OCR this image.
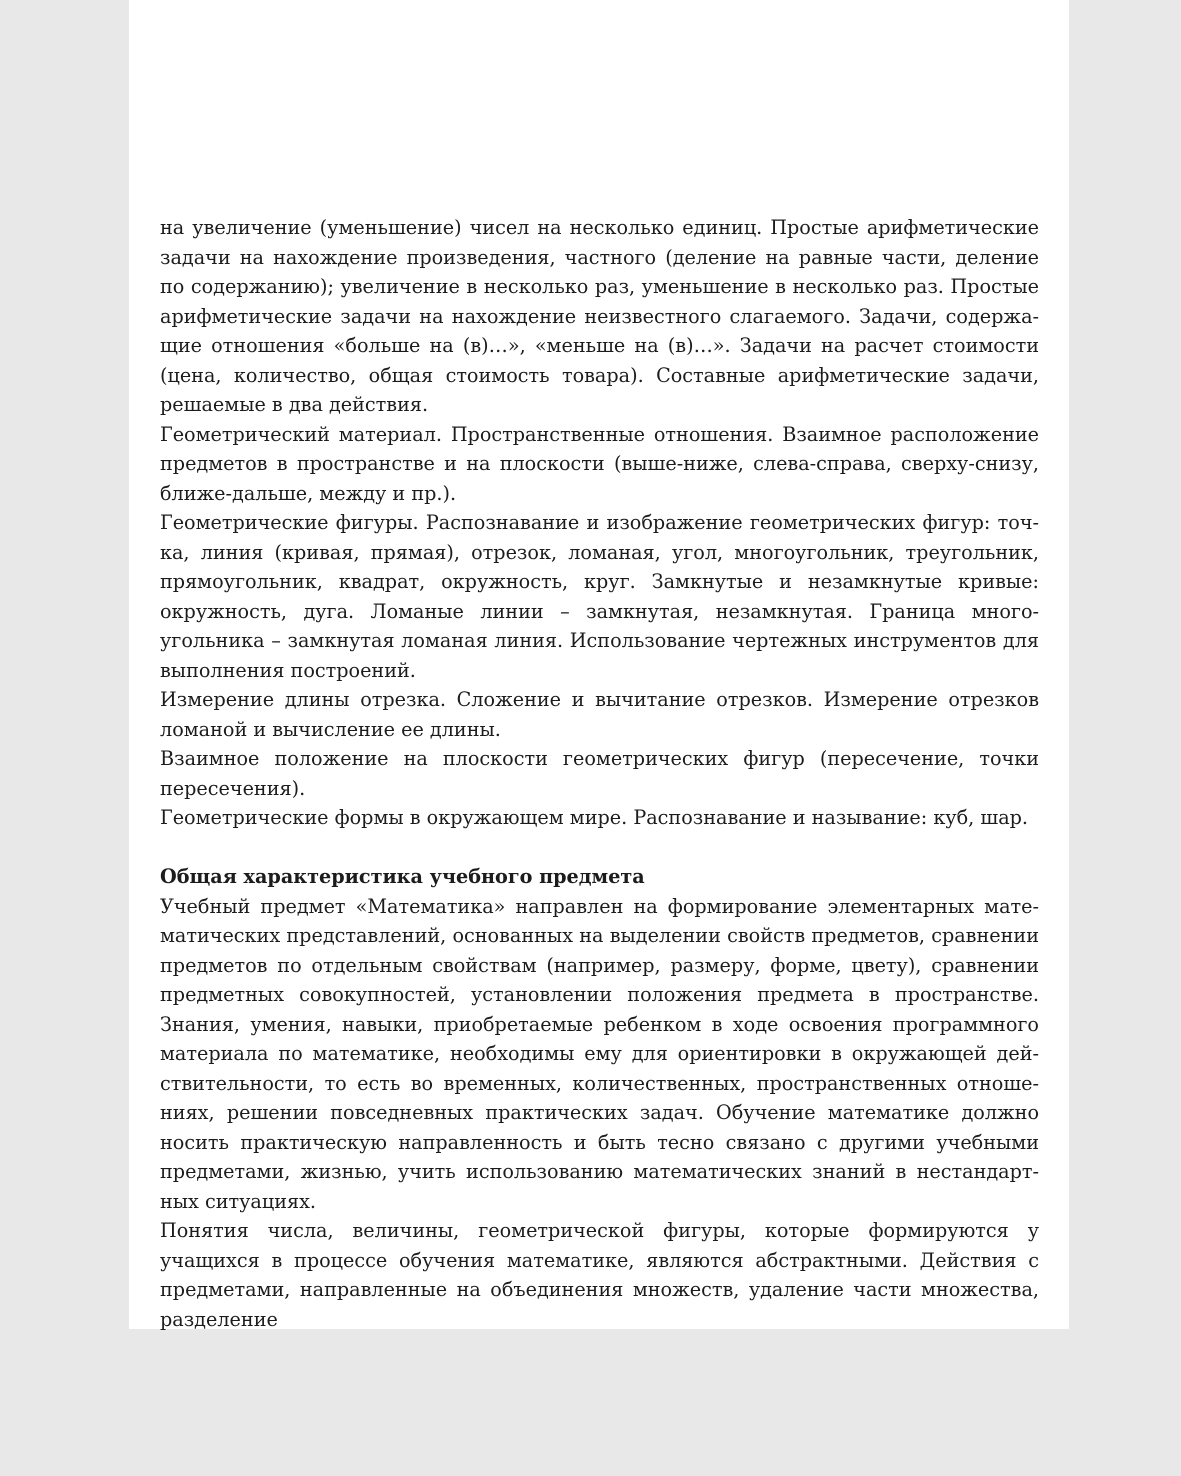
на увеличение (уменьшение) чисел на несколько единиц. Простые арифметические задачи на нахождение произведения, частного (деление на равные части, деление по содержанию); увеличение в несколько раз, уменьшение в несколько раз. Простые арифметические задачи на нахождение неизвестного слагаемого. Задачи, содержащие отношения «больше на (в)…», «меньше на (в)…». Задачи на расчет стоимости (цена, количество, общая стоимость товара). Составные арифметические задачи, решаемые в два действия.

Геометрический материал. Пространственные отношения. Взаимное расположение предметов в пространстве и на плоскости (выше-ниже, слева-справа, сверху-снизу, ближе-дальше, между и пр.).

Геометрические фигуры. Распознавание и изображение геометрических фигур: точка, линия (кривая, прямая), отрезок, ломаная, угол, многоугольник, треугольник, прямоугольник, квадрат, окружность, круг. Замкнутые и незамкнутые кривые: окружность, дуга. Ломаные линии – замкнутая, незамкнутая. Граница многоугольника – замкнутая ломаная линия. Использование чертежных инструментов для выполнения построений.

Измерение длины отрезка. Сложение и вычитание отрезков. Измерение отрезков ломаной и вычисление ее длины.

Взаимное положение на плоскости геометрических фигур (пересечение, точки пересечения).

Геометрические формы в окружающем мире. Распознавание и называние: куб, шар.

Общая характеристика учебного предмета

Учебный предмет «Математика» направлен на формирование элементарных математических представлений, основанных на выделении свойств предметов, сравнении предметов по отдельным свойствам (например, размеру, форме, цвету), сравнении предметных совокупностей, установлении положения предмета в пространстве. Знания, умения, навыки, приобретаемые ребенком в ходе освоения программного материала по математике, необходимы ему для ориентировки в окружающей действительности, то есть во временных, количественных, пространственных отношениях, решении повседневных практических задач. Обучение математике должно носить практическую направленность и быть тесно связано с другими учебными предметами, жизнью, учить использованию математических знаний в нестандартных ситуациях.

Понятия числа, величины, геометрической фигуры, которые формируются у учащихся в процессе обучения математике, являются абстрактными. Действия с предметами, направленные на объединения множеств, удаление части множества, разделение
